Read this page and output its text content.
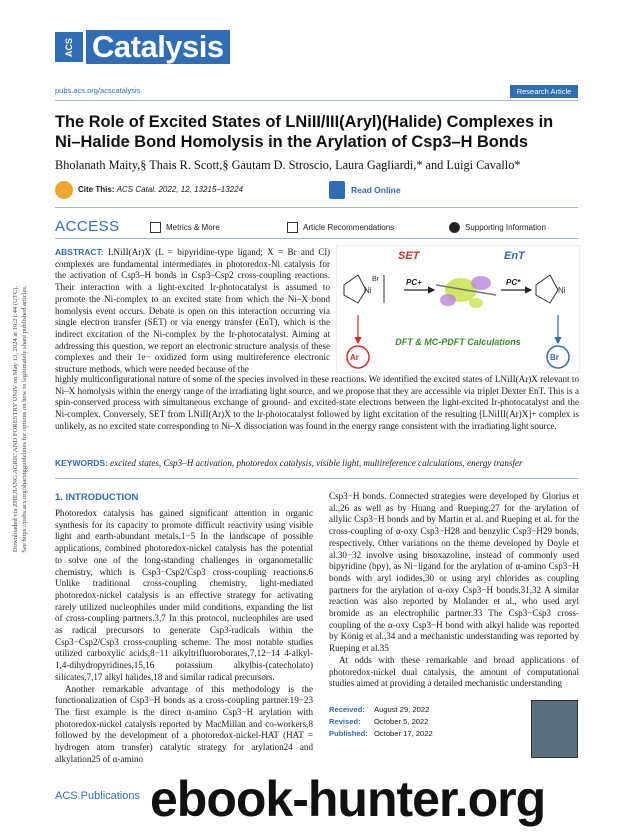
Downloaded via ZHEJIANG AGRIC AND FORESTRY UNIV on May 13, 2024 at 10:21:44 (UTC).
See https://pubs.acs.org/sharingguidelines for options on how to legitimately share published articles.
ACS Catalysis
pubs.acs.org/acscatalysis	Research Article
The Role of Excited States of LNiII/III(Aryl)(Halide) Complexes in Ni–Halide Bond Homolysis in the Arylation of Csp3–H Bonds
Bholanath Maity,§ Thais R. Scott,§ Gautam D. Stroscio, Laura Gagliardi,* and Luigi Cavallo*
Cite This: ACS Catal. 2022, 12, 13215–13224	Read Online
ACCESS	Metrics & More	Article Recommendations	Supporting Information
ABSTRACT: LNiII(Ar)X (L = bipyridine-type ligand; X = Br and Cl) complexes are fundamental intermediates in photoredox-Ni catalysis for the activation of Csp3–H bonds in Csp3–Csp2 cross-coupling reactions. Their interaction with a light-excited Ir-photocatalyst is assumed to promote the Ni-complex to an excited state from which the Ni–X bond homolysis event occurs. Debate is open on this interaction occurring via single electron transfer (SET) or via energy transfer (EnT), which is the indirect excitation of the Ni-complex by the Ir-photocatalyst. Aiming at addressing this question, we report an electronic structure analysis of these complexes and their 1e− oxidized form using multireference electronic structure methods, which were needed because of the
SET	EnT
Ni
Br	PC+	PC*
Ni
DFT & MC-PDFT Calculations
Ar	Br
highly multiconfigurational nature of some of the species involved in these reactions. We identified the excited states of LNiII(Ar)X relevant to Ni–X homolysis within the energy range of the irradiating light source, and we propose that they are accessible via triplet Dexter EnT. This is a spin-conserved process with simultaneous exchange of ground- and excited-state electrons between the light-excited Ir-photocatalyst and the Ni-complex. Conversely, SET from LNiII(Ar)X to the Ir-photocatalyst followed by light excitation of the resulting [LNiIII(Ar)X]+ complex is unlikely, as no excited state corresponding to Ni–X dissociation was found in the energy range consistent with the irradiating light source.
KEYWORDS: excited states, Csp3–H activation, photoredox catalysis, visible light, multireference calculations, energy transfer
1. INTRODUCTION

Photoredox catalysis has gained significant attention in organic synthesis for its capacity to promote difficult reactivity using visible light and earth-abundant metals.1−5 In the landscape of possible applications, combined photoredox-nickel catalysis has the potential to solve one of the long-standing challenges in organometallic chemistry, which is Csp3−Csp2/Csp3 cross-coupling reactions.6 Unlike traditional cross-coupling chemistry, light-mediated photoredox-nickel catalysis is an effective strategy for activating rarely utilized nucleophiles under mild conditions, expanding the list of cross-coupling partners.3,7 In this protocol, nucleophiles are used as radical precursors to generate Csp3-radicals within the Csp3−Csp2/Csp3 cross-coupling scheme. The most notable studies utilized carboxylic acids,8−11 alkyltrifluoroborates,7,12−14 4-alkyl-1,4-dihydropyridines,15,16 potassium alkylbis-(catecholato) silicates,7,17 alkyl halides,18 and similar radical precursors.

Another remarkable advantage of this methodology is the functionalization of Csp3−H bonds as a cross-coupling partner.19−23 The first example is the direct α-amino Csp3−H arylation with photoredox-nickel catalysis reported by MacMillan and co-workers,8 followed by the development of a photoredox-nickel-HAT (HAT = hydrogen atom transfer) catalytic strategy for arylation24 and alkylation25 of α-amino

Csp3−H bonds. Connected strategies were developed by Glorius et al.,26 as well as by Huang and Rueping,27 for the arylation of allylic Csp3−H bonds and by Martin et al. and Rueping et al. for the cross-coupling of α-oxy Csp3−H28 and benzylic Csp3−H29 bonds, respectively. Other variations on the theme developed by Doyle et al.30−32 involve using bisoxazoline, instead of commonly used bipyridine (bpy), as Ni−ligand for the arylation of α-amino Csp3−H bonds with aryl iodides,30 or using aryl chlorides as coupling partners for the arylation of α-oxy Csp3−H bonds.31,32 A similar reaction was also reported by Molander et al., who used aryl bromide as an electrophilic partner.33 The Csp3−Csp3 cross-coupling of the α-oxy Csp3−H bond with alkyl halide was reported by König et al.,34 and a mechanistic understanding was reported by Rueping et al.35

At odds with these remarkable and broad applications of photoredox-nickel dual catalysis, the amount of computational studies aimed at providing a detailed mechanistic understanding

Received: August 29, 2022
Revised: October 5, 2022
Published: October 17, 2022
ACS Publications ebook-hunter.org
